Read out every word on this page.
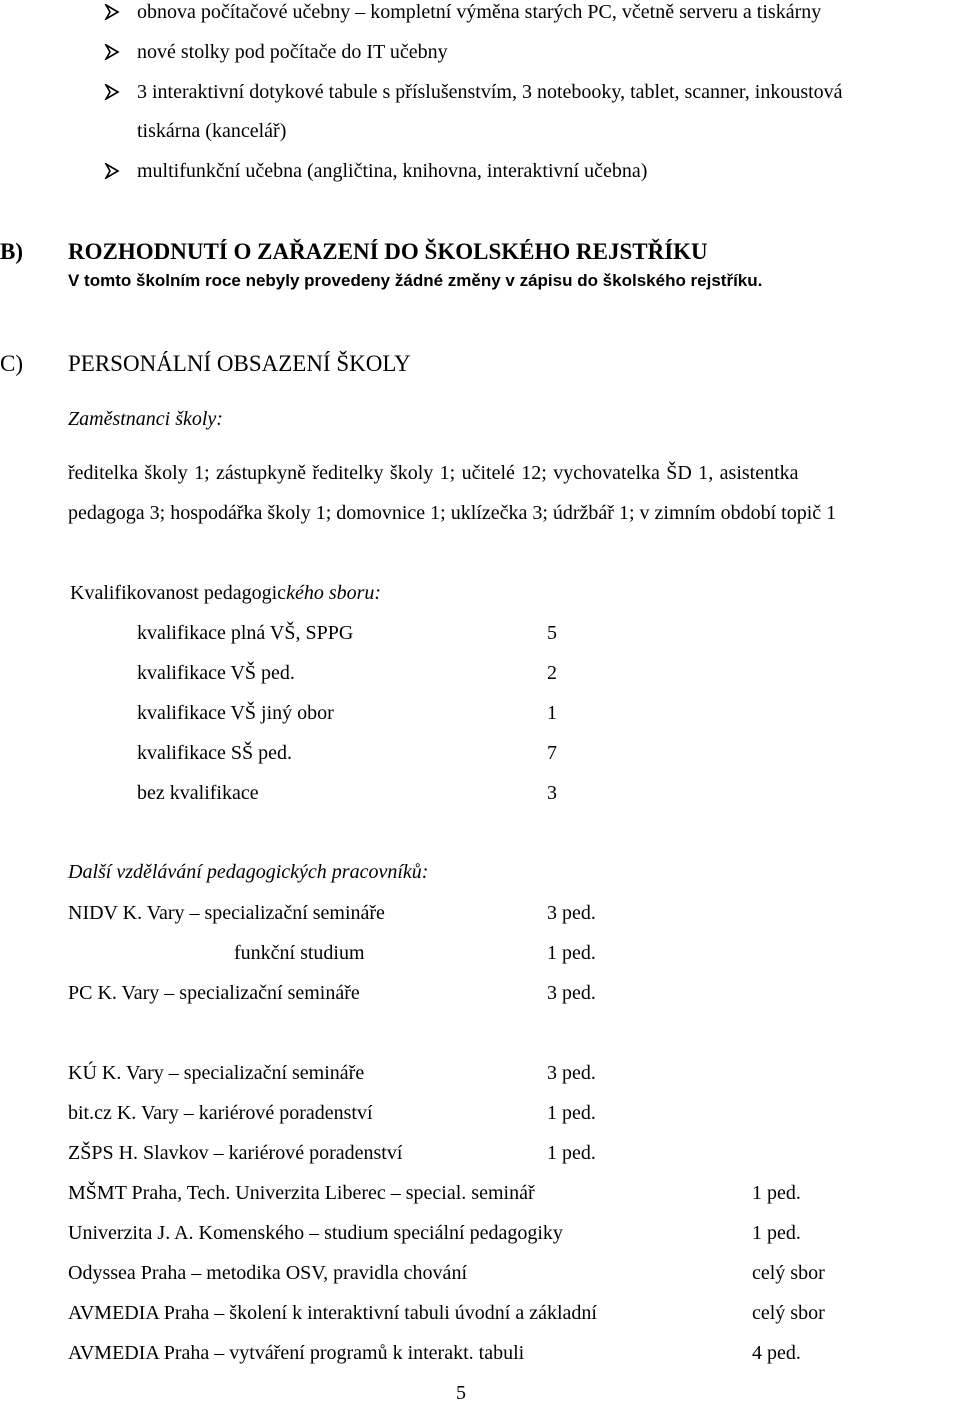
obnova počítačové učebny – kompletní výměna starých PC, včetně serveru a tiskárny
nové stolky pod počítače do IT učebny
3 interaktivní dotykové tabule s příslušenstvím, 3 notebooky, tablet, scanner, inkoustová
tiskárna (kancelář)
multifunkční učebna (angličtina, knihovna, interaktivní učebna)
B) ROZHODNUTÍ O ZAŘAZENÍ DO ŠKOLSKÉHO REJSTŘÍKU
V tomto školním roce nebyly provedeny žádné změny v zápisu do školského rejstříku.
C) PERSONÁLNÍ OBSAZENÍ ŠKOLY
Zaměstnanci školy:
ředitelka školy 1; zástupkyně ředitelky školy 1; učitelé 12; vychovatelka ŠD 1, asistentka
pedagoga 3; hospodářka školy 1; domovnice 1; uklízečka 3; údržbář 1; v zimním období topič 1
Kvalifikovanost pedagogického sboru:
kvalifikace plná VŠ, SPPG	5
kvalifikace VŠ ped.	2
kvalifikace VŠ jiný obor	1
kvalifikace SŠ ped.	7
bez kvalifikace	3
Další vzdělávání pedagogických pracovníků:
NIDV K. Vary – specializační semináře	3 ped.
funkční studium	1 ped.
PC K. Vary – specializační semináře	3 ped.
KÚ K. Vary – specializační semináře	3 ped.
bit.cz K. Vary – kariérové poradenství	1 ped.
ZŠPS H. Slavkov – kariérové poradenství	1 ped.
MŠMT Praha, Tech. Univerzita Liberec – special. seminář	1 ped.
Univerzita J. A. Komenského – studium speciální pedagogiky	1 ped.
Odyssea Praha – metodika OSV, pravidla chování	celý sbor
AVMEDIA Praha – školení k interaktivní tabuli úvodní a základní	celý sbor
AVMEDIA Praha – vytváření programů k interakt. tabuli	4 ped.
5
